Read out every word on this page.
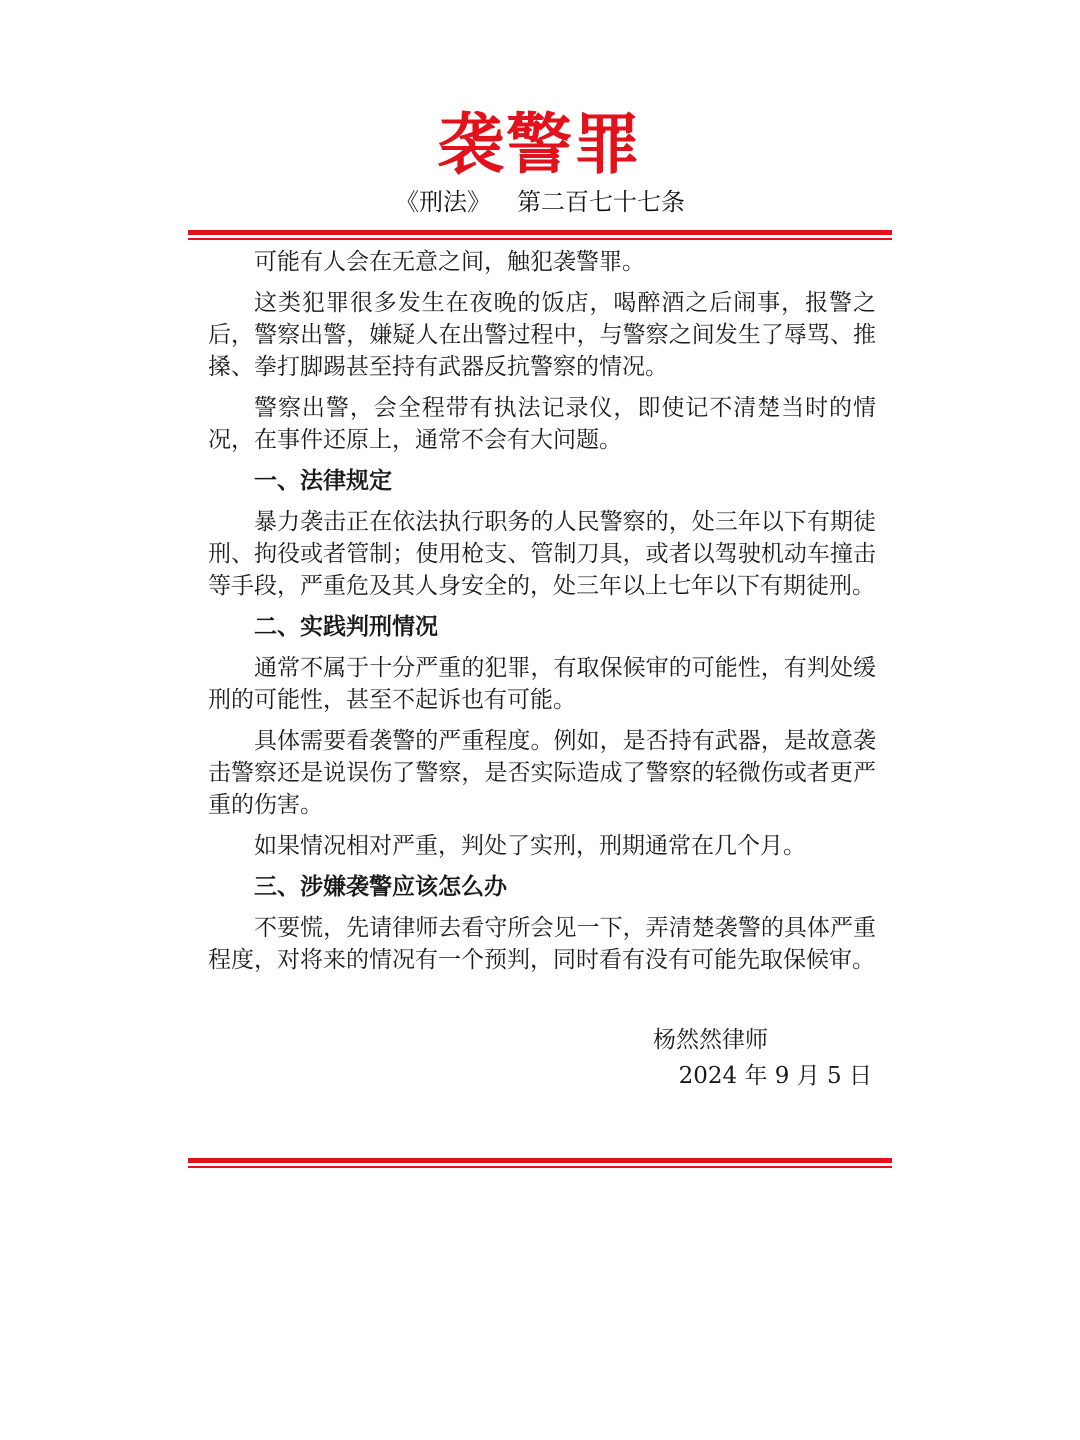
袭警罪
《刑法》 第二百七十七条

可能有人会在无意之间，触犯袭警罪。

这类犯罪很多发生在夜晚的饭店，喝醉酒之后闹事，报警之后，警察出警，嫌疑人在出警过程中，与警察之间发生了辱骂、推搡、拳打脚踢甚至持有武器反抗警察的情况。

警察出警，会全程带有执法记录仪，即使记不清楚当时的情况，在事件还原上，通常不会有大问题。

一、法律规定

暴力袭击正在依法执行职务的人民警察的，处三年以下有期徒刑、拘役或者管制；使用枪支、管制刀具，或者以驾驶机动车撞击等手段，严重危及其人身安全的，处三年以上七年以下有期徒刑。

二、实践判刑情况

通常不属于十分严重的犯罪，有取保候审的可能性，有判处缓刑的可能性，甚至不起诉也有可能。

具体需要看袭警的严重程度。例如，是否持有武器，是故意袭击警察还是说误伤了警察，是否实际造成了警察的轻微伤或者更严重的伤害。

如果情况相对严重，判处了实刑，刑期通常在几个月。

三、涉嫌袭警应该怎么办

不要慌，先请律师去看守所会见一下，弄清楚袭警的具体严重程度，对将来的情况有一个预判，同时看有没有可能先取保候审。

杨然然律师
2024 年 9 月 5 日
